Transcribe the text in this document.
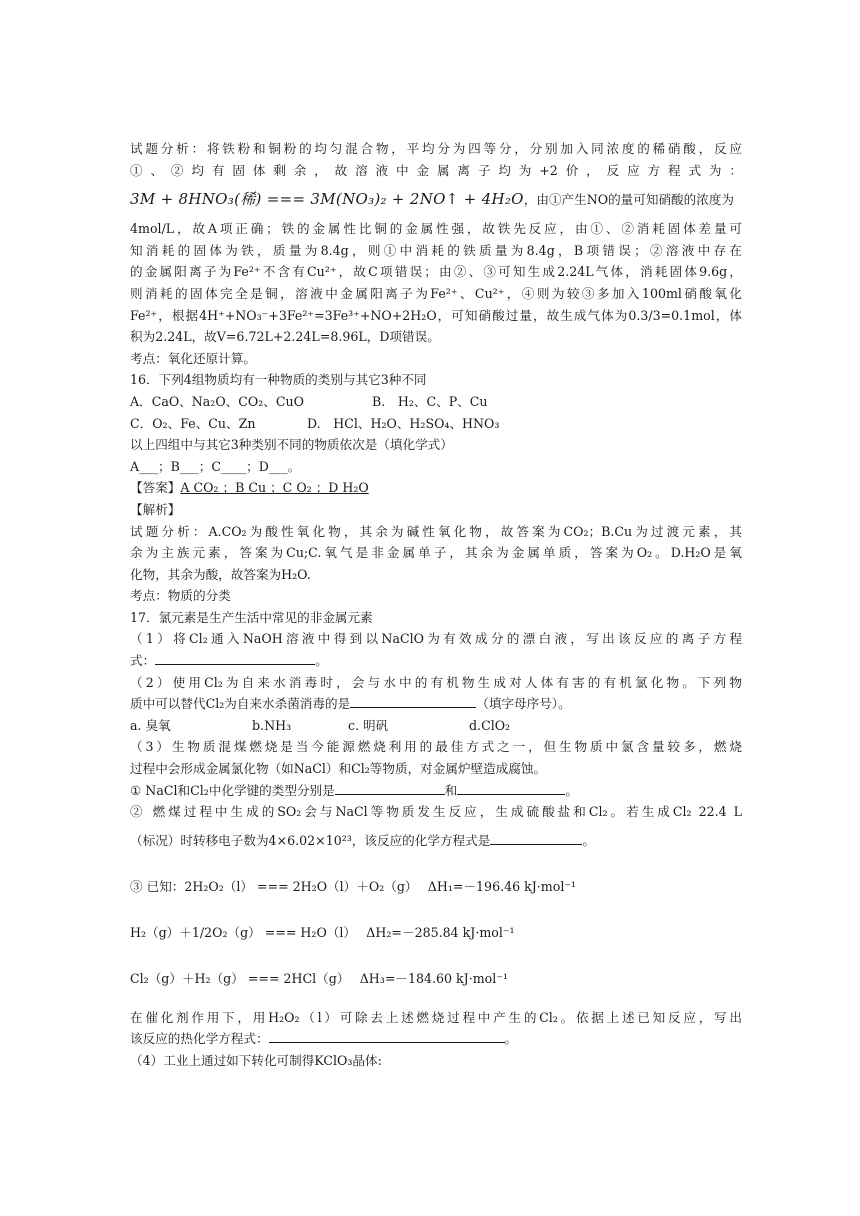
试题分析：将铁粉和铜粉的均匀混合物，平均分为四等分，分别加入同浓度的稀硝酸，反应

①、②均有固体剩余，故溶液中金属离子均为+2价，反应方程式为：

3M + 8HNO₃(稀) === 3M(NO₃)₂ + 2NO↑ + 4H₂O，由①产生NO的量可知硝酸的浓度为

4mol/L，故A项正确；铁的金属性比铜的金属性强，故铁先反应，由①、②消耗固体差量可

知消耗的固体为铁，质量为8.4g，则①中消耗的铁质量为8.4g，B项错误；②溶液中存在

的金属阳离子为Fe²⁺不含有Cu²⁺，故C项错误；由②、③可知生成2.24L气体，消耗固体9.6g，

则消耗的固体完全是铜，溶液中金属阳离子为Fe²⁺、Cu²⁺，④则为较③多加入100ml硝酸氧化

Fe²⁺，根据4H⁺+NO₃⁻+3Fe²⁺=3Fe³⁺+NO+2H₂O，可知硝酸过量，故生成气体为0.3/3=0.1mol，体

积为2.24L，故V=6.72L+2.24L=8.96L，D项错误。

考点：氧化还原计算。

16．下列4组物质均有一种物质的类别与其它3种不同

A．CaO、Na₂O、CO₂、CuO	B.　H₂、C、P、Cu
C．O₂、Fe、Cu、Zn	D.　HCl、H₂O、H₂SO₄、HNO₃

以上四组中与其它3种类别不同的物质依次是（填化学式）

A___；B___；C____；D___。

【答案】A CO₂ ；B Cu ；C O₂ ；D H₂O

【解析】

试题分析：A.CO₂为酸性氧化物，其余为碱性氧化物，故答案为CO₂；B.Cu为过渡元素，其

余为主族元素，答案为Cu;C.氧气是非金属单子，其余为金属单质，答案为O₂。D.H₂O是氧

化物，其余为酸，故答案为H₂O.

考点：物质的分类

17．氯元素是生产生活中常见的非金属元素

（1）将Cl₂通入NaOH溶液中得到以NaClO为有效成分的漂白液，写出该反应的离子方程

式：	。

（2）使用Cl₂为自来水消毒时，会与水中的有机物生成对人体有害的有机氯化物。下列物

质中可以替代Cl₂为自来水杀菌消毒的是	（填字母序号）。

a. 臭氧	b.NH₃	c. 明矾	d.ClO₂

（3）生物质混煤燃烧是当今能源燃烧利用的最佳方式之一，但生物质中氯含量较多，燃烧

过程中会形成金属氯化物（如NaCl）和Cl₂等物质，对金属炉壁造成腐蚀。

① NaCl和Cl₂中化学键的类型分别是	和	。

② 燃煤过程中生成的SO₂会与NaCl等物质发生反应，生成硫酸盐和Cl₂。若生成Cl₂ 22.4 L

（标况）时转移电子数为4×6.02×10²³，该反应的化学方程式是	。

③ 已知：2H₂O₂（l） === 2H₂O（l）＋O₂（g）　 ΔH₁=－196.46 kJ·mol⁻¹

H₂（g）＋1/2O₂（g） === H₂O（l）　 ΔH₂=－285.84 kJ·mol⁻¹

Cl₂（g）＋H₂（g） === 2HCl（g）　 ΔH₃=－184.60 kJ·mol⁻¹

在催化剂作用下，用H₂O₂（l）可除去上述燃烧过程中产生的Cl₂。依据上述已知反应，写出

该反应的热化学方程式：	。

（4）工业上通过如下转化可制得KClO₃晶体:
